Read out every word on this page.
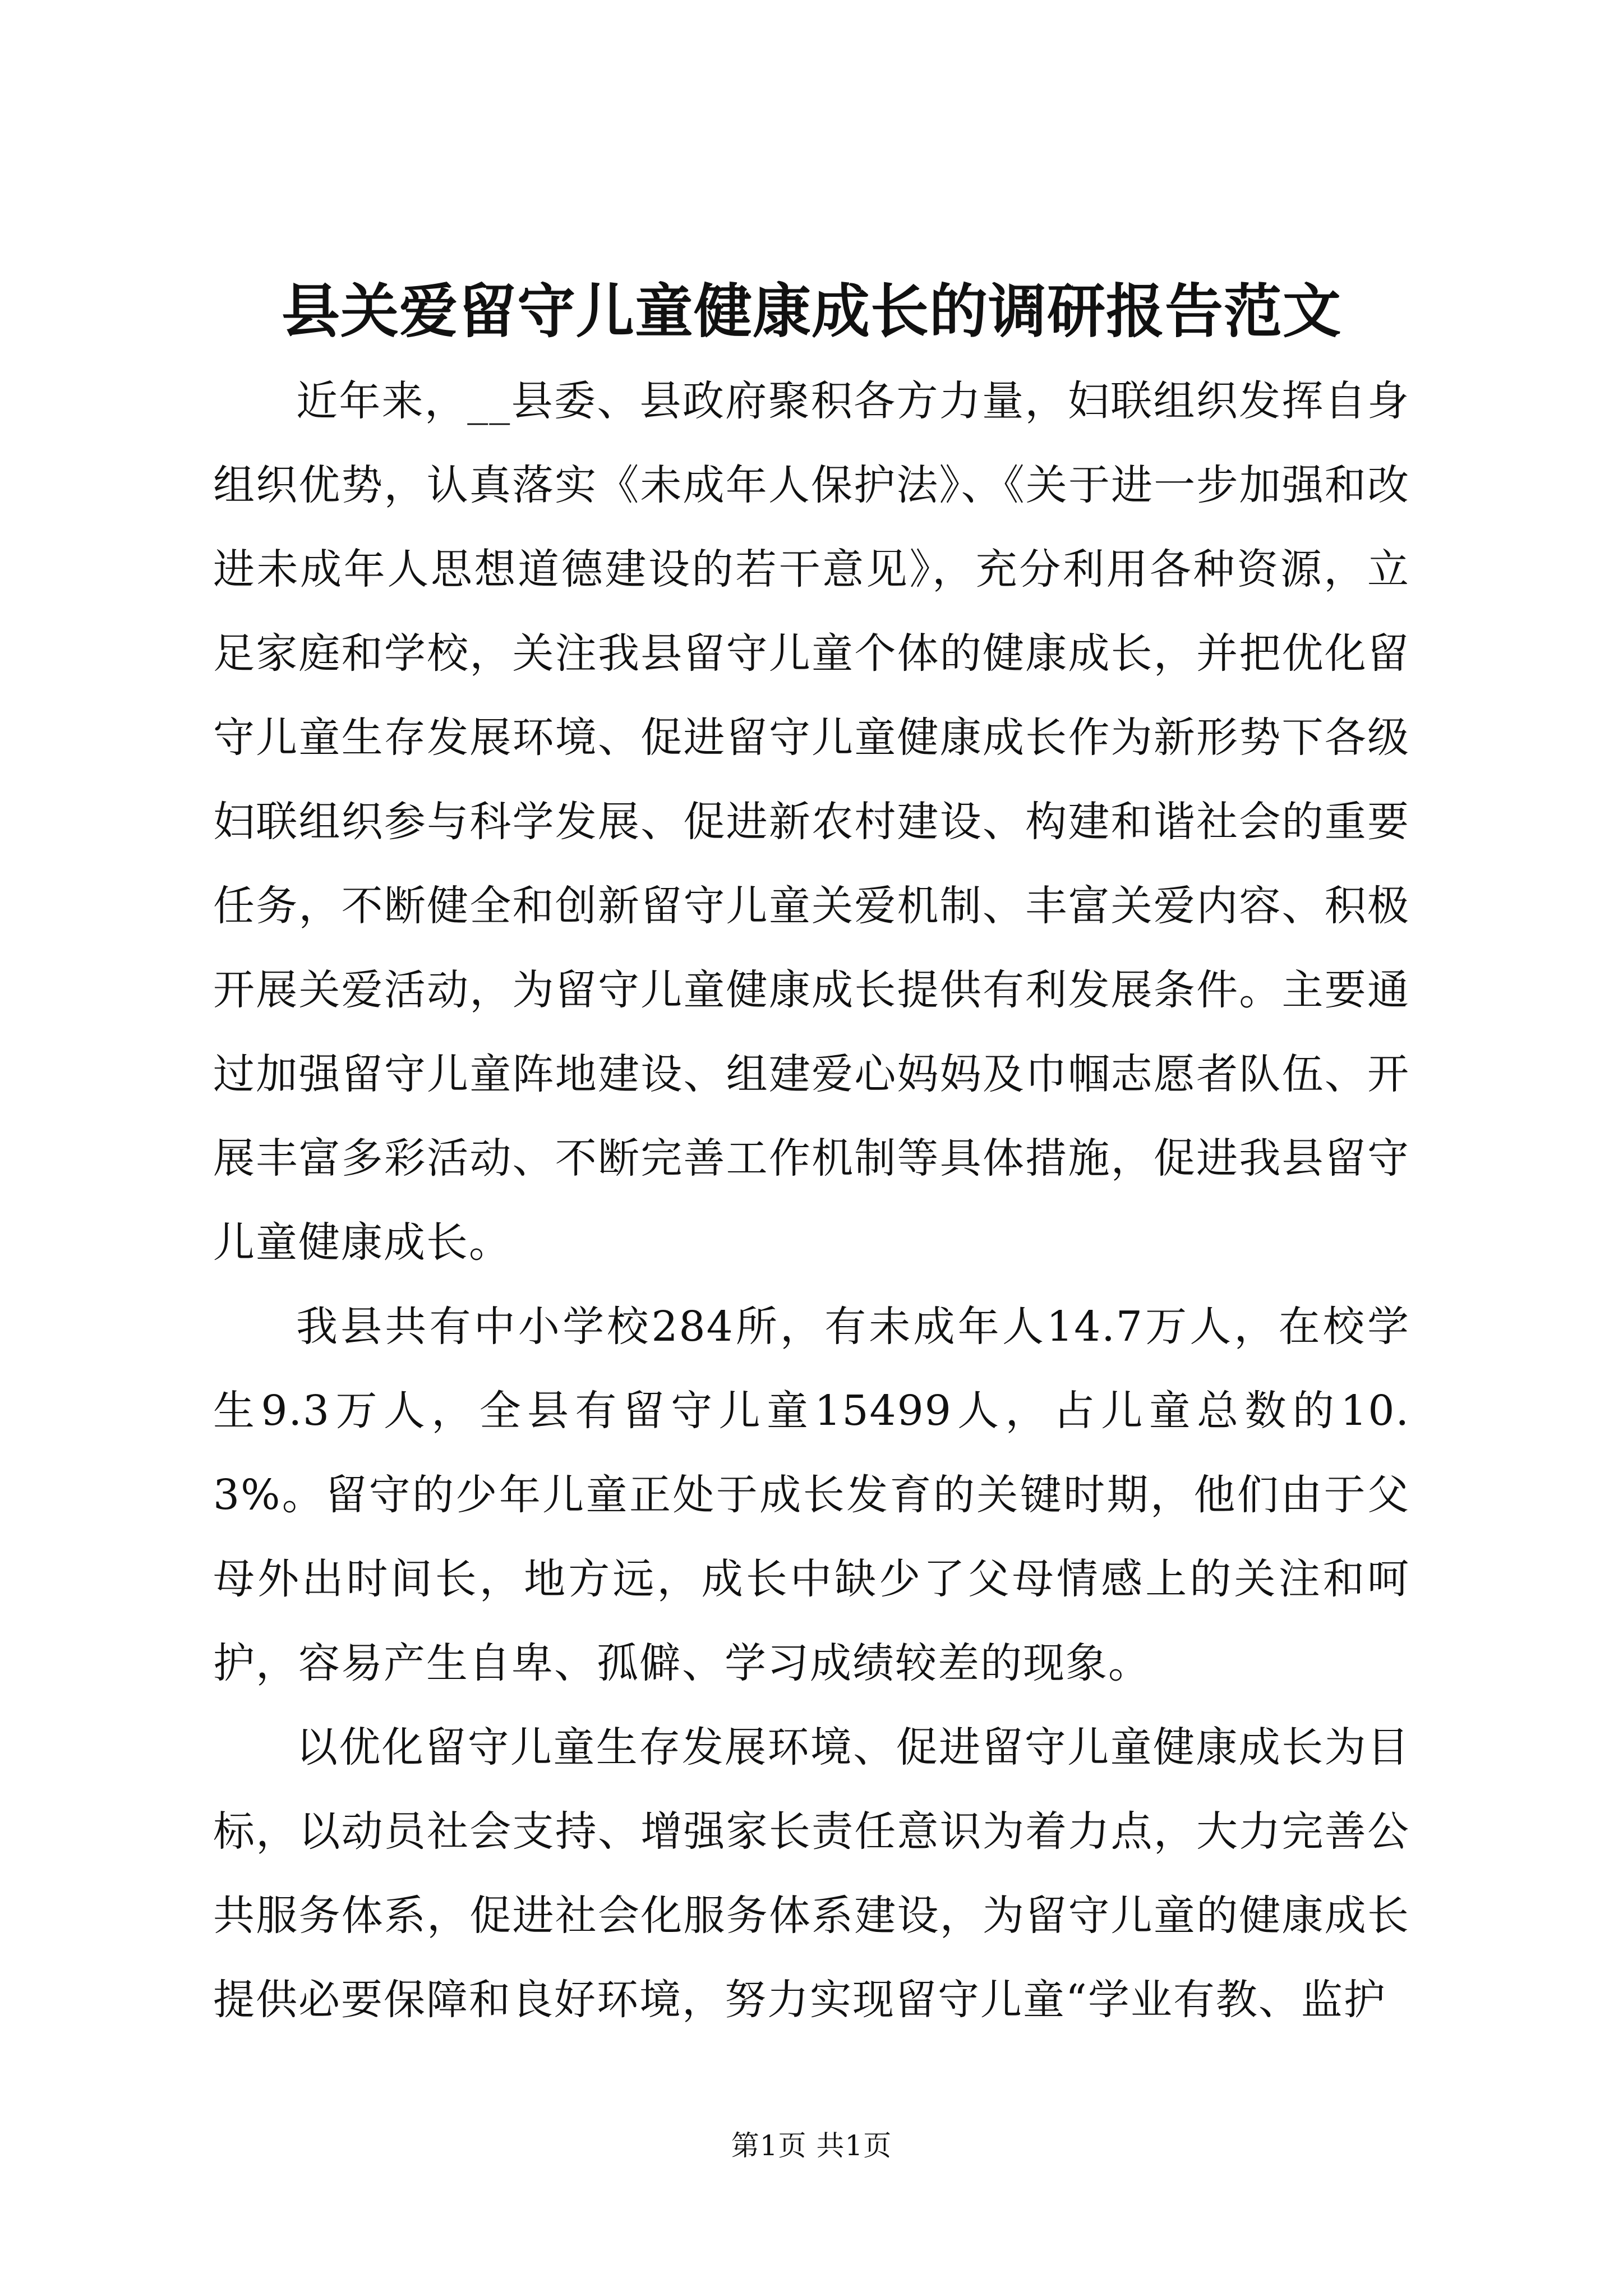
县关爱留守儿童健康成长的调研报告范文

近年来，__县委、县政府聚积各方力量，妇联组织发挥自身组织优势，认真落实《未成年人保护法》、《关于进一步加强和改进未成年人思想道德建设的若干意见》，充分利用各种资源，立足家庭和学校，关注我县留守儿童个体的健康成长，并把优化留守儿童生存发展环境、促进留守儿童健康成长作为新形势下各级妇联组织参与科学发展、促进新农村建设、构建和谐社会的重要任务，不断健全和创新留守儿童关爱机制、丰富关爱内容、积极开展关爱活动，为留守儿童健康成长提供有利发展条件。主要通过加强留守儿童阵地建设、组建爱心妈妈及巾帼志愿者队伍、开展丰富多彩活动、不断完善工作机制等具体措施，促进我县留守儿童健康成长。

我县共有中小学校284所，有未成年人14.7万人，在校学生9.3万人，全县有留守儿童15499人，占儿童总数的10.3%。留守的少年儿童正处于成长发育的关键时期，他们由于父母外出时间长，地方远，成长中缺少了父母情感上的关注和呵护，容易产生自卑、孤僻、学习成绩较差的现象。

以优化留守儿童生存发展环境、促进留守儿童健康成长为目标，以动员社会支持、增强家长责任意识为着力点，大力完善公共服务体系，促进社会化服务体系建设，为留守儿童的健康成长提供必要保障和良好环境，努力实现留守儿童“学业有教、监护

第1页 共1页
